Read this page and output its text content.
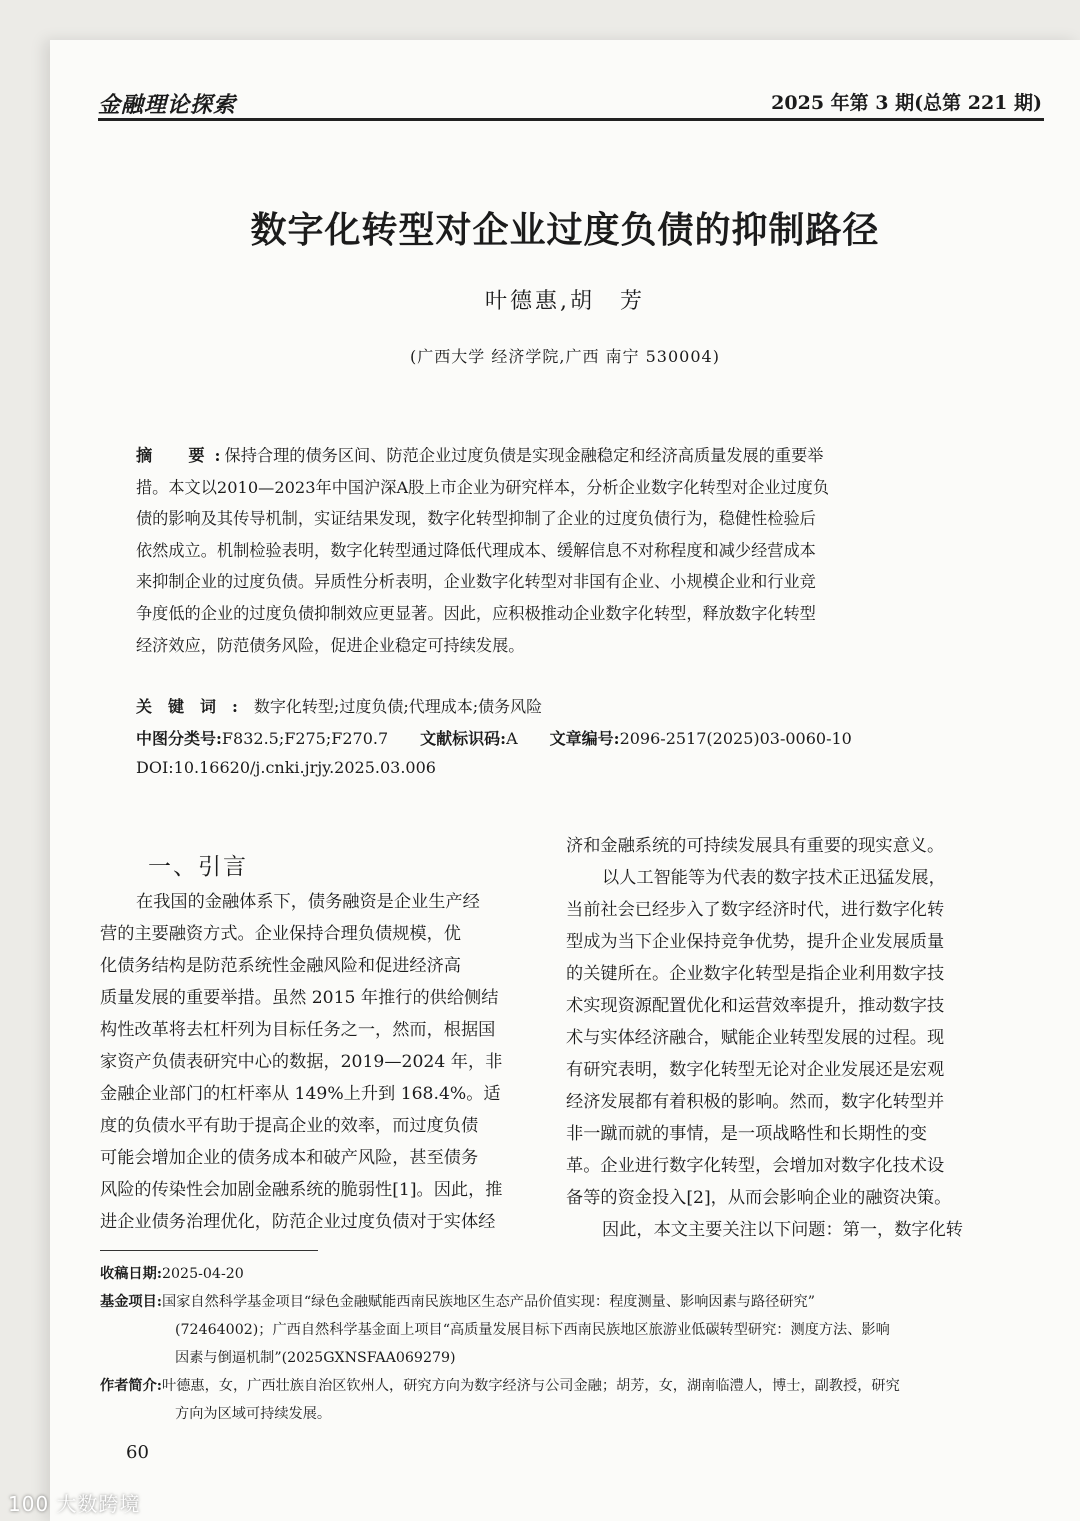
金融理论探索	2025 年第 3 期(总第 221 期)
数字化转型对企业过度负债的抑制路径
叶德惠,胡　芳
(广西大学 经济学院,广西 南宁 530004)
摘　要:保持合理的债务区间、防范企业过度负债是实现金融稳定和经济高质量发展的重要举
措。本文以2010—2023年中国沪深A股上市企业为研究样本，分析企业数字化转型对企业过度负
债的影响及其传导机制，实证结果发现，数字化转型抑制了企业的过度负债行为，稳健性检验后
依然成立。机制检验表明，数字化转型通过降低代理成本、缓解信息不对称程度和减少经营成本
来抑制企业的过度负债。异质性分析表明，企业数字化转型对非国有企业、小规模企业和行业竞
争度低的企业的过度负债抑制效应更显著。因此，应积极推动企业数字化转型，释放数字化转型
经济效应，防范债务风险，促进企业稳定可持续发展。
关键词:数字化转型;过度负债;代理成本;债务风险
中图分类号:F832.5;F275;F270.7 文献标识码:A 文章编号:2096-2517(2025)03-0060-10
DOI:10.16620/j.cnki.jrjy.2025.03.006
一、引言
在我国的金融体系下，债务融资是企业生产经
营的主要融资方式。企业保持合理负债规模，优
化债务结构是防范系统性金融风险和促进经济高
质量发展的重要举措。虽然 2015 年推行的供给侧结
构性改革将去杠杆列为目标任务之一，然而，根据国
家资产负债表研究中心的数据，2019—2024 年，非
金融企业部门的杠杆率从 149%上升到 168.4%。适
度的负债水平有助于提高企业的效率，而过度负债
可能会增加企业的债务成本和破产风险，甚至债务
风险的传染性会加剧金融系统的脆弱性[1]。因此，推
进企业债务治理优化，防范企业过度负债对于实体经
济和金融系统的可持续发展具有重要的现实意义。
以人工智能等为代表的数字技术正迅猛发展，
当前社会已经步入了数字经济时代，进行数字化转
型成为当下企业保持竞争优势，提升企业发展质量
的关键所在。企业数字化转型是指企业利用数字技
术实现资源配置优化和运营效率提升，推动数字技
术与实体经济融合，赋能企业转型发展的过程。现
有研究表明，数字化转型无论对企业发展还是宏观
经济发展都有着积极的影响。然而，数字化转型并
非一蹴而就的事情，是一项战略性和长期性的变
革。企业进行数字化转型，会增加对数字化技术设
备等的资金投入[2]，从而会影响企业的融资决策。
因此，本文主要关注以下问题：第一，数字化转
收稿日期:2025-04-20
基金项目:国家自然科学基金项目“绿色金融赋能西南民族地区生态产品价值实现：程度测量、影响因素与路径研究”
(72464002)；广西自然科学基金面上项目“高质量发展目标下西南民族地区旅游业低碳转型研究：测度方法、影响
因素与倒逼机制”(2025GXNSFAA069279)
作者简介:叶德惠，女，广西壮族自治区钦州人，研究方向为数字经济与公司金融；胡芳，女，湖南临澧人，博士，副教授，研究
方向为区域可持续发展。
60
100 大数跨境
